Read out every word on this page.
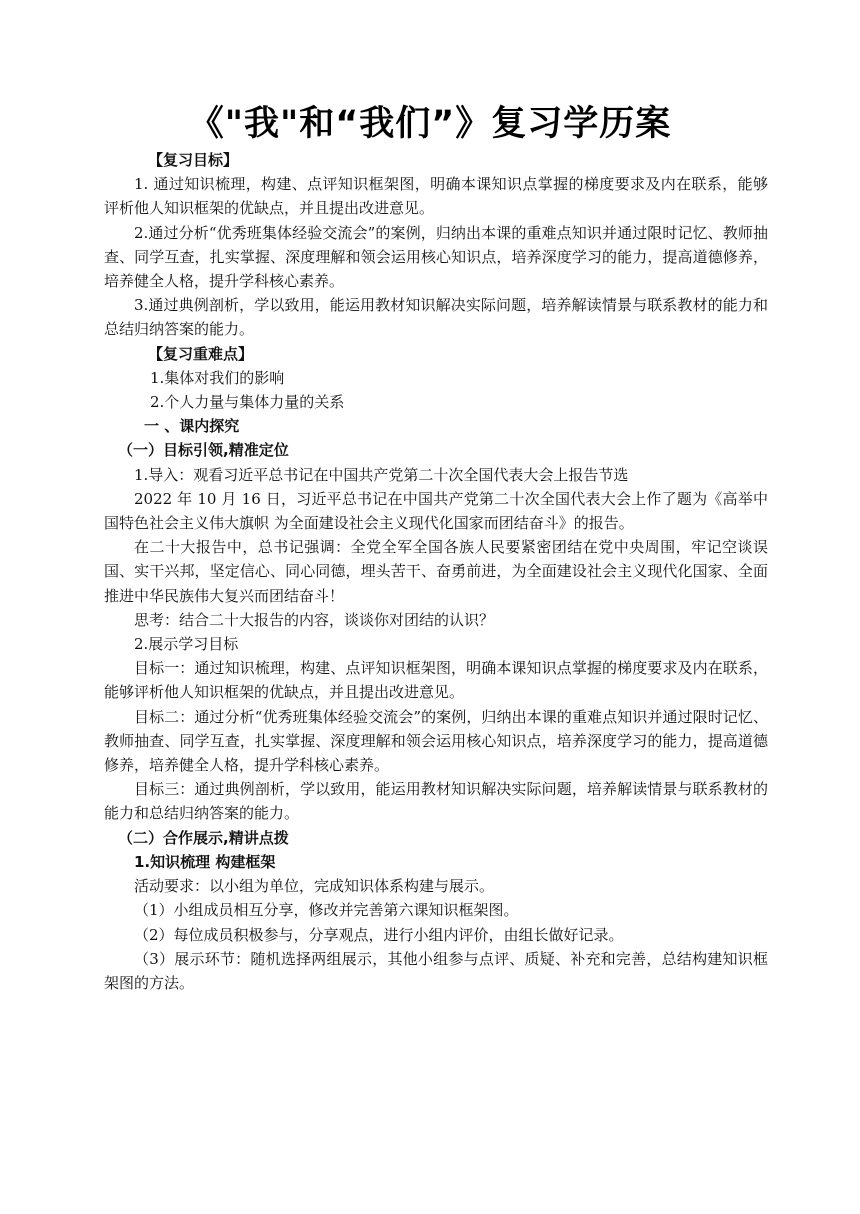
《"我"和“我们”》复习学历案

【复习目标】

1. 通过知识梳理，构建、点评知识框架图，明确本课知识点掌握的梯度要求及内在联系，能够评析他人知识框架的优缺点，并且提出改进意见。

2.通过分析“优秀班集体经验交流会”的案例，归纳出本课的重难点知识并通过限时记忆、教师抽查、同学互查，扎实掌握、深度理解和领会运用核心知识点，培养深度学习的能力，提高道德修养，培养健全人格，提升学科核心素养。

3.通过典例剖析，学以致用，能运用教材知识解决实际问题，培养解读情景与联系教材的能力和总结归纳答案的能力。

【复习重难点】

1.集体对我们的影响

2.个人力量与集体力量的关系

一 、课内探究

（一）目标引领,精准定位

1.导入：观看习近平总书记在中国共产党第二十次全国代表大会上报告节选

2022 年 10 月 16 日，习近平总书记在中国共产党第二十次全国代表大会上作了题为《高举中国特色社会主义伟大旗帜 为全面建设社会主义现代化国家而团结奋斗》的报告。

在二十大报告中，总书记强调：全党全军全国各族人民要紧密团结在党中央周围，牢记空谈误国、实干兴邦，坚定信心、同心同德，埋头苦干、奋勇前进，为全面建设社会主义现代化国家、全面推进中华民族伟大复兴而团结奋斗！

思考：结合二十大报告的内容，谈谈你对团结的认识？

2.展示学习目标

目标一：通过知识梳理，构建、点评知识框架图，明确本课知识点掌握的梯度要求及内在联系，能够评析他人知识框架的优缺点，并且提出改进意见。

目标二：通过分析“优秀班集体经验交流会”的案例，归纳出本课的重难点知识并通过限时记忆、教师抽查、同学互查，扎实掌握、深度理解和领会运用核心知识点，培养深度学习的能力，提高道德修养，培养健全人格，提升学科核心素养。

目标三：通过典例剖析，学以致用，能运用教材知识解决实际问题，培养解读情景与联系教材的能力和总结归纳答案的能力。

（二）合作展示,精讲点拨

1.知识梳理 构建框架

活动要求：以小组为单位，完成知识体系构建与展示。

（1）小组成员相互分享，修改并完善第六课知识框架图。

（2）每位成员积极参与，分享观点，进行小组内评价，由组长做好记录。

（3）展示环节：随机选择两组展示，其他小组参与点评、质疑、补充和完善，总结构建知识框架图的方法。
